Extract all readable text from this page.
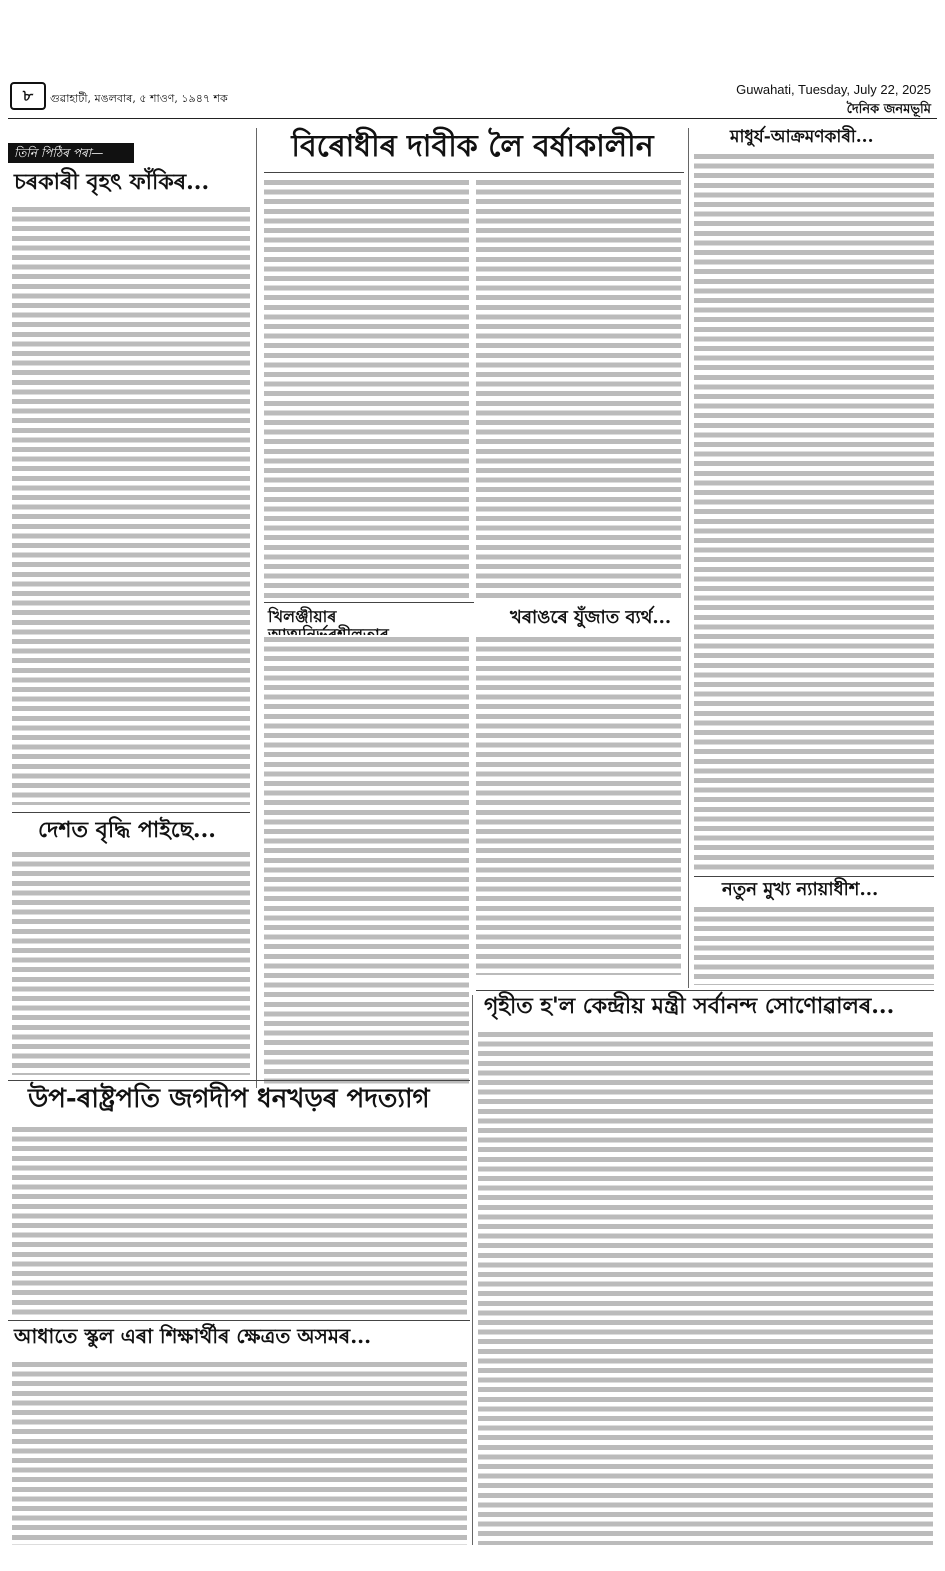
৮	গুৱাহাটী, মঙলবাৰ, ৫ শাওণ, ১৯৪৭ শক
Guwahati, Tuesday, July 22, 2025
দৈনিক জনমভূমি
তিনি পিঠিৰ পৰা—
চৰকাৰী বৃহৎ ফাঁকিৰ...
দেশত বৃদ্ধি পাইছে...
বিৰোধীৰ দাবীক লৈ বৰ্ষাকালীন
খিলঞ্জীয়াৰ	খৰাঙৰে যুঁজাত ব্যৰ্থ...
মাধুৰ্য-আক্ৰমণকাৰী...
নতুন মুখ্য ন্যায়াধীশ...
গৃহীত হ'ল কেন্দ্ৰীয় মন্ত্ৰী সৰ্বানন্দ সোণোৱালৰ...
উপ-ৰাষ্ট্ৰপতি জগদীপ ধনখড়ৰ পদত্যাগ
আধাতে স্কুল এৰা শিক্ষাৰ্থীৰ ক্ষেত্ৰত অসমৰ...
